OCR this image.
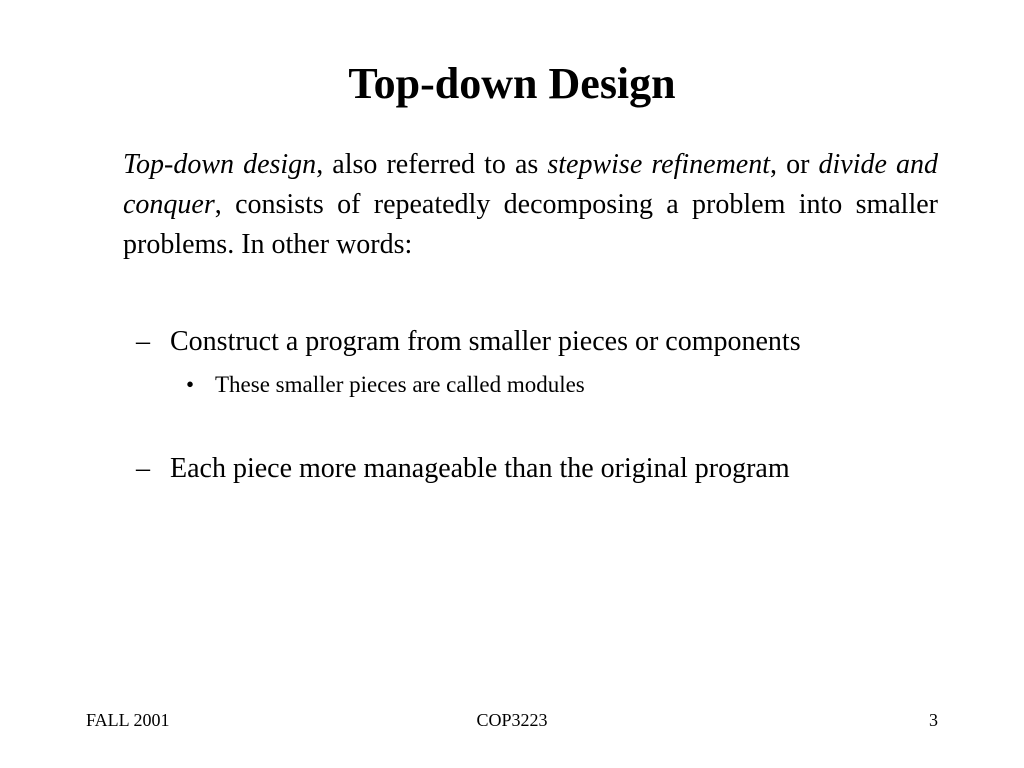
Top-down Design

Top-down design, also referred to as stepwise refinement, or divide and conquer, consists of repeatedly decomposing a problem into smaller problems. In other words:

– Construct a program from smaller pieces or components
• These smaller pieces are called modules
– Each piece more manageable than the original program
FALL 2001	COP3223	3
